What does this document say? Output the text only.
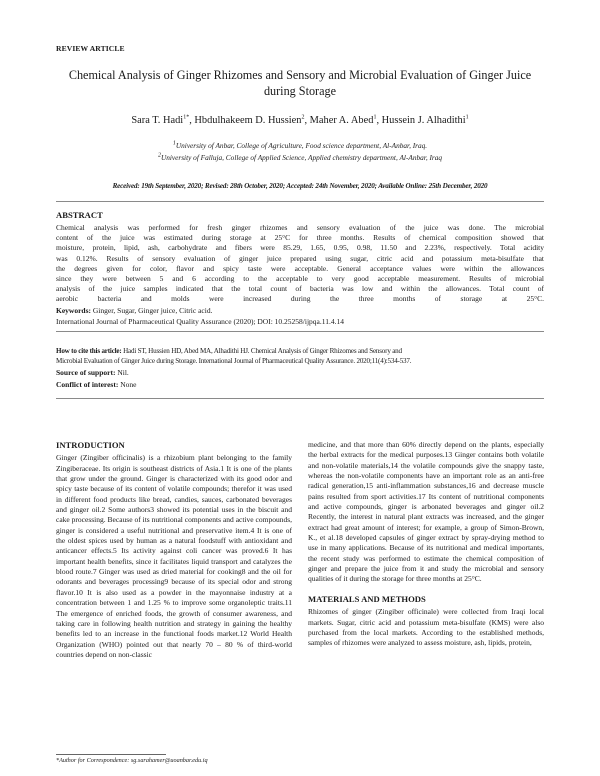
REVIEW ARTICLE
Chemical Analysis of Ginger Rhizomes and Sensory and Microbial Evaluation of Ginger Juice during Storage
Sara T. Hadi$^{1*}$, Hbdulhakeem D. Hussien$^2$, Maher A. Abed$^1$, Hussein J. Alhadithi$^1$
$^1$University of Anbar, College of Agriculture, Food science department, Al-Anbar, Iraq.
$^2$University of Falluja, College of Applied Science, Applied chemistry department, Al-Anbar, Iraq
Received: 19th September, 2020; Revised: 28th October, 2020; Accepted: 24th November, 2020; Available Online: 25th December, 2020
ABSTRACT
Chemical analysis was performed for fresh ginger rhizomes and sensory evaluation of the juice was done. The microbial
content of the juice was estimated during storage at 25°C for three months. Results of chemical composition showed that
moisture, protein, lipid, ash, carbohydrate and fibers were 85.29, 1.65, 0.95, 0.98, 11.50 and 2.23%, respectively. Total acidity
was 0.12%. Results of sensory evaluation of ginger juice prepared using sugar, citric acid and potassium meta-bisulfate that
the degrees given for color, flavor and spicy taste were acceptable. General acceptance values were within the allowances
since they were between 5 and 6 according to the acceptable to very good acceptable measurement. Results of microbial
analysis of the juice samples indicated that the total count of bacteria was low and within the allowances. Total count of
aerobic bacteria and molds were increased during the three months of storage at 25°C.
Keywords: Ginger, Sugar, Ginger juice, Citric acid.
International Journal of Pharmaceutical Quality Assurance (2020); DOI: 10.25258/ijpqa.11.4.14
How to cite this article: Hadi ST, Hussien HD, Abed MA, Alhadithi HJ. Chemical Analysis of Ginger Rhizomes and Sensory and
Microbial Evaluation of Ginger Juice during Storage. International Journal of Pharmaceutical Quality Assurance. 2020;11(4):534-537.
Source of support: Nil.
Conflict of interest: None
INTRODUCTION

Ginger (Zingiber officinalis) is a rhizobium plant belonging to the family Zingiberaceae. Its origin is southeast districts of Asia.1 It is one of the plants that grow under the ground. Ginger is characterized with its good odor and spicy taste because of its content of volatile compounds; therefor it was used in different food products like bread, candies, sauces, carbonated beverages and ginger oil.2 Some authors3 showed its potential uses in the biscuit and cake processing. Because of its nutritional components and active compounds, ginger is considered a useful nutritional and preservative item.4 It is one of the oldest spices used by human as a natural foodstuff with antioxidant and anticancer effects.5 Its activity against coli cancer was proved.6 It has important health benefits, since it facilitates liquid transport and catalyzes the blood route.7 Ginger was used as dried material for cooking8 and the oil for odorants and beverages processing9 because of its special odor and strong flavor.10 It is also used as a powder in the mayonnaise industry at a concentration between 1 and 1.25 % to improve some organoleptic traits.11 The emergence of enriched foods, the growth of consumer awareness, and taking care in following health nutrition and strategy in gaining the healthy benefits led to an increase in the functional foods market.12 World Health Organization (WHO) pointed out that nearly 70 – 80 % of third-world countries depend on non-classic

medicine, and that more than 60% directly depend on the plants, especially the herbal extracts for the medical purposes.13 Ginger contains both volatile and non-volatile materials,14 the volatile compounds give the snappy taste, whereas the non-volatile components have an important role as an anti-free radical generation,15 anti-inflammation substances,16 and decrease muscle pains resulted from sport activities.17 Its content of nutritional components and active compounds, ginger is arbonated beverages and ginger oil.2 Recently, the interest in natural plant extracts was increased, and the ginger extract had great amount of interest; for example, a group of Simon-Brown, K., et al.18 developed capsules of ginger extract by spray-drying method to use in many applications. Because of its nutritional and medical importants, the recent study was performed to estimate the chemical composition of ginger and prepare the juice from it and study the microbial and sensory qualities of it during the storage for three months at 25°C.

MATERIALS AND METHODS

Rhizomes of ginger (Zingiber officinale) were collected from Iraqi local markets. Sugar, citric acid and potassium meta-bisulfate (KMS) were also purchased from the local markets. According to the established methods, samples of rhizomes were analyzed to assess moisture, ash, lipids, protein,

*Author for Correspondence: sg.sarahamer@uoanbar.edu.iq
